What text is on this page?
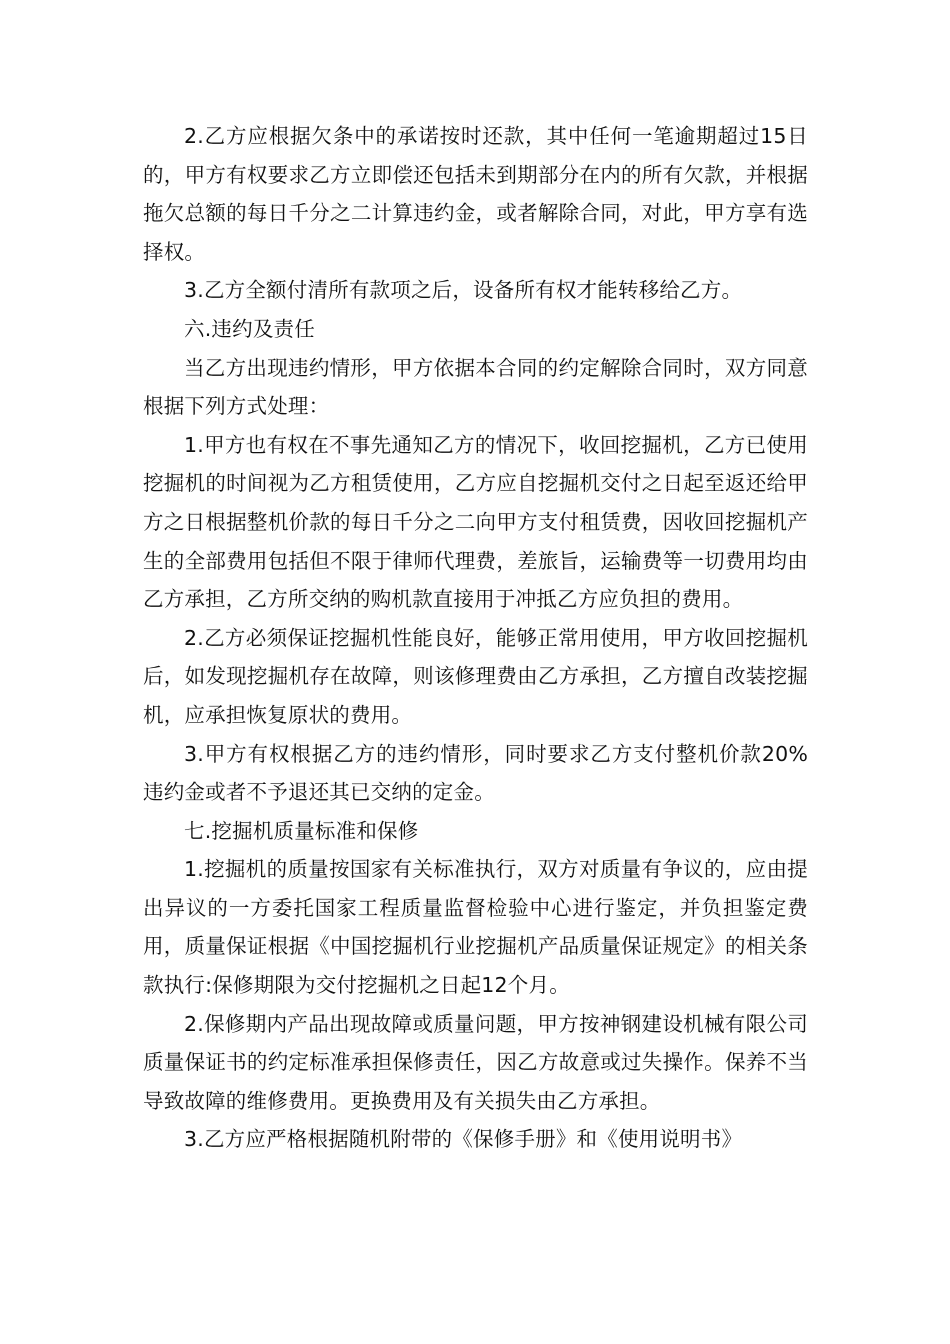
2.乙方应根据欠条中的承诺按时还款，其中任何一笔逾期超过15日的，甲方有权要求乙方立即偿还包括未到期部分在内的所有欠款，并根据拖欠总额的每日千分之二计算违约金，或者解除合同，对此，甲方享有选择权。

3.乙方全额付清所有款项之后，设备所有权才能转移给乙方。

六.违约及责任

当乙方出现违约情形，甲方依据本合同的约定解除合同时，双方同意根据下列方式处理：

1.甲方也有权在不事先通知乙方的情况下，收回挖掘机，乙方已使用挖掘机的时间视为乙方租赁使用，乙方应自挖掘机交付之日起至返还给甲方之日根据整机价款的每日千分之二向甲方支付租赁费，因收回挖掘机产生的全部费用包括但不限于律师代理费，差旅旨，运输费等一切费用均由乙方承担，乙方所交纳的购机款直接用于冲抵乙方应负担的费用。

2.乙方必须保证挖掘机性能良好，能够正常用使用，甲方收回挖掘机后，如发现挖掘机存在故障，则该修理费由乙方承担，乙方擅自改装挖掘机，应承担恢复原状的费用。

3.甲方有权根据乙方的违约情形，同时要求乙方支付整机价款20%违约金或者不予退还其已交纳的定金。

七.挖掘机质量标准和保修

1.挖掘机的质量按国家有关标准执行，双方对质量有争议的，应由提出异议的一方委托国家工程质量监督检验中心进行鉴定，并负担鉴定费用，质量保证根据《中国挖掘机行业挖掘机产品质量保证规定》的相关条款执行:保修期限为交付挖掘机之日起12个月。

2.保修期内产品出现故障或质量问题，甲方按神钢建设机械有限公司质量保证书的约定标准承担保修责任，因乙方故意或过失操作。保养不当导致故障的维修费用。更换费用及有关损失由乙方承担。

3.乙方应严格根据随机附带的《保修手册》和《使用说明书》
